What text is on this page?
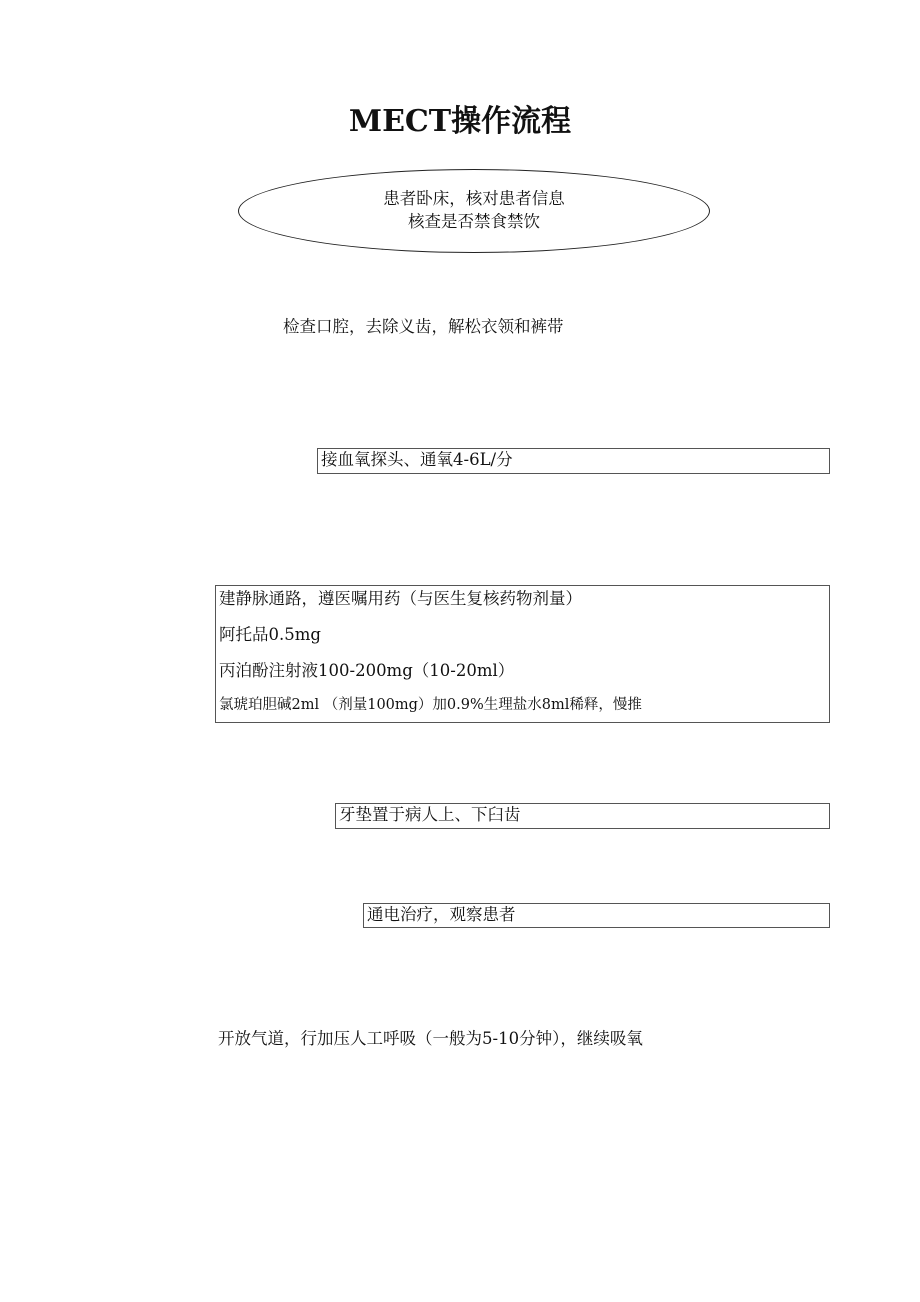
MECT操作流程
患者卧床，核对患者信息
核查是否禁食禁饮
检查口腔，去除义齿，解松衣领和裤带
接血氧探头、通氧4-6L/分
建静脉通路，遵医嘱用药（与医生复核药物剂量）
阿托品0.5mg
丙泊酚注射液100-200mg（10-20ml）
氯琥珀胆碱2ml （剂量100mg）加0.9%生理盐水8ml稀释，慢推
牙垫置于病人上、下臼齿
通电治疗，观察患者
开放气道，行加压人工呼吸（一般为5-10分钟），继续吸氧
